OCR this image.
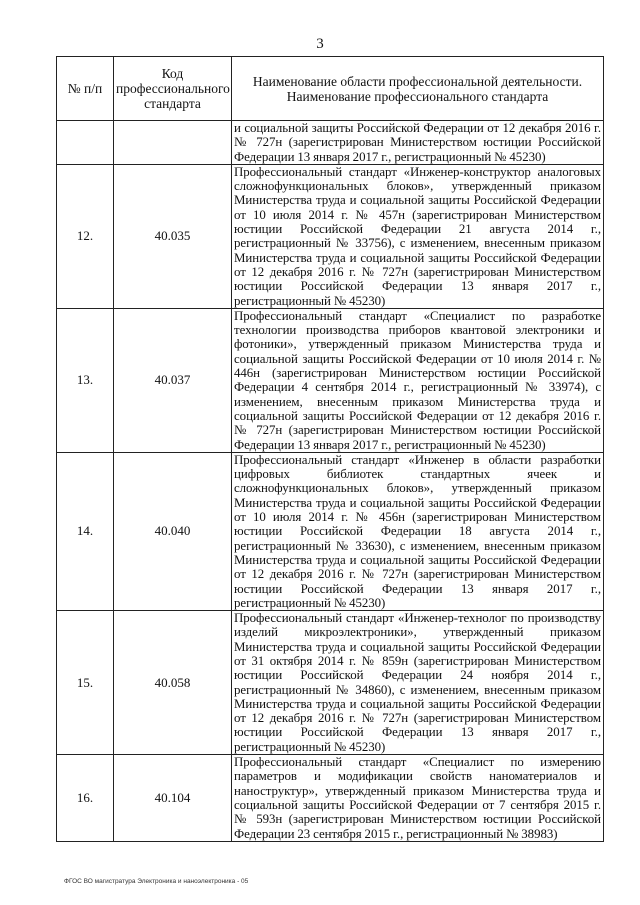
3
№ п/п	Код профессионального стандарта	Наименование области профессиональной деятельности. Наименование профессионального стандарта
		и социальной защиты Российской Федерации от 12 декабря 2016 г. № 727н (зарегистрирован Министерством юстиции Российской Федерации 13 января 2017 г., регистрационный № 45230)
12.	40.035	Профессиональный стандарт «Инженер-конструктор аналоговых сложнофункциональных блоков», утвержденный приказом Министерства труда и социальной защиты Российской Федерации от 10 июля 2014 г. № 457н (зарегистрирован Министерством юстиции Российской Федерации 21 августа 2014 г., регистрационный № 33756), с изменением, внесенным приказом Министерства труда и социальной защиты Российской Федерации от 12 декабря 2016 г. № 727н (зарегистрирован Министерством юстиции Российской Федерации 13 января 2017 г., регистрационный № 45230)
13.	40.037	Профессиональный стандарт «Специалист по разработке технологии производства приборов квантовой электроники и фотоники», утвержденный приказом Министерства труда и социальной защиты Российской Федерации от 10 июля 2014 г. № 446н (зарегистрирован Министерством юстиции Российской Федерации 4 сентября 2014 г., регистрационный № 33974), с изменением, внесенным приказом Министерства труда и социальной защиты Российской Федерации от 12 декабря 2016 г. № 727н (зарегистрирован Министерством юстиции Российской Федерации 13 января 2017 г., регистрационный № 45230)
14.	40.040	Профессиональный стандарт «Инженер в области разработки цифровых библиотек стандартных ячеек и сложнофункциональных блоков», утвержденный приказом Министерства труда и социальной защиты Российской Федерации от 10 июля 2014 г. № 456н (зарегистрирован Министерством юстиции Российской Федерации 18 августа 2014 г., регистрационный № 33630), с изменением, внесенным приказом Министерства труда и социальной защиты Российской Федерации от 12 декабря 2016 г. № 727н (зарегистрирован Министерством юстиции Российской Федерации 13 января 2017 г., регистрационный № 45230)
15.	40.058	Профессиональный стандарт «Инженер-технолог по производству изделий микроэлектроники», утвержденный приказом Министерства труда и социальной защиты Российской Федерации от 31 октября 2014 г. № 859н (зарегистрирован Министерством юстиции Российской Федерации 24 ноября 2014 г., регистрационный № 34860), с изменением, внесенным приказом Министерства труда и социальной защиты Российской Федерации от 12 декабря 2016 г. № 727н (зарегистрирован Министерством юстиции Российской Федерации 13 января 2017 г., регистрационный № 45230)
16.	40.104	Профессиональный стандарт «Специалист по измерению параметров и модификации свойств наноматериалов и наноструктур», утвержденный приказом Министерства труда и социальной защиты Российской Федерации от 7 сентября 2015 г. № 593н (зарегистрирован Министерством юстиции Российской Федерации 23 сентября 2015 г., регистрационный № 38983)
ФГОС ВО магистратура Электроника и наноэлектроника - 05
